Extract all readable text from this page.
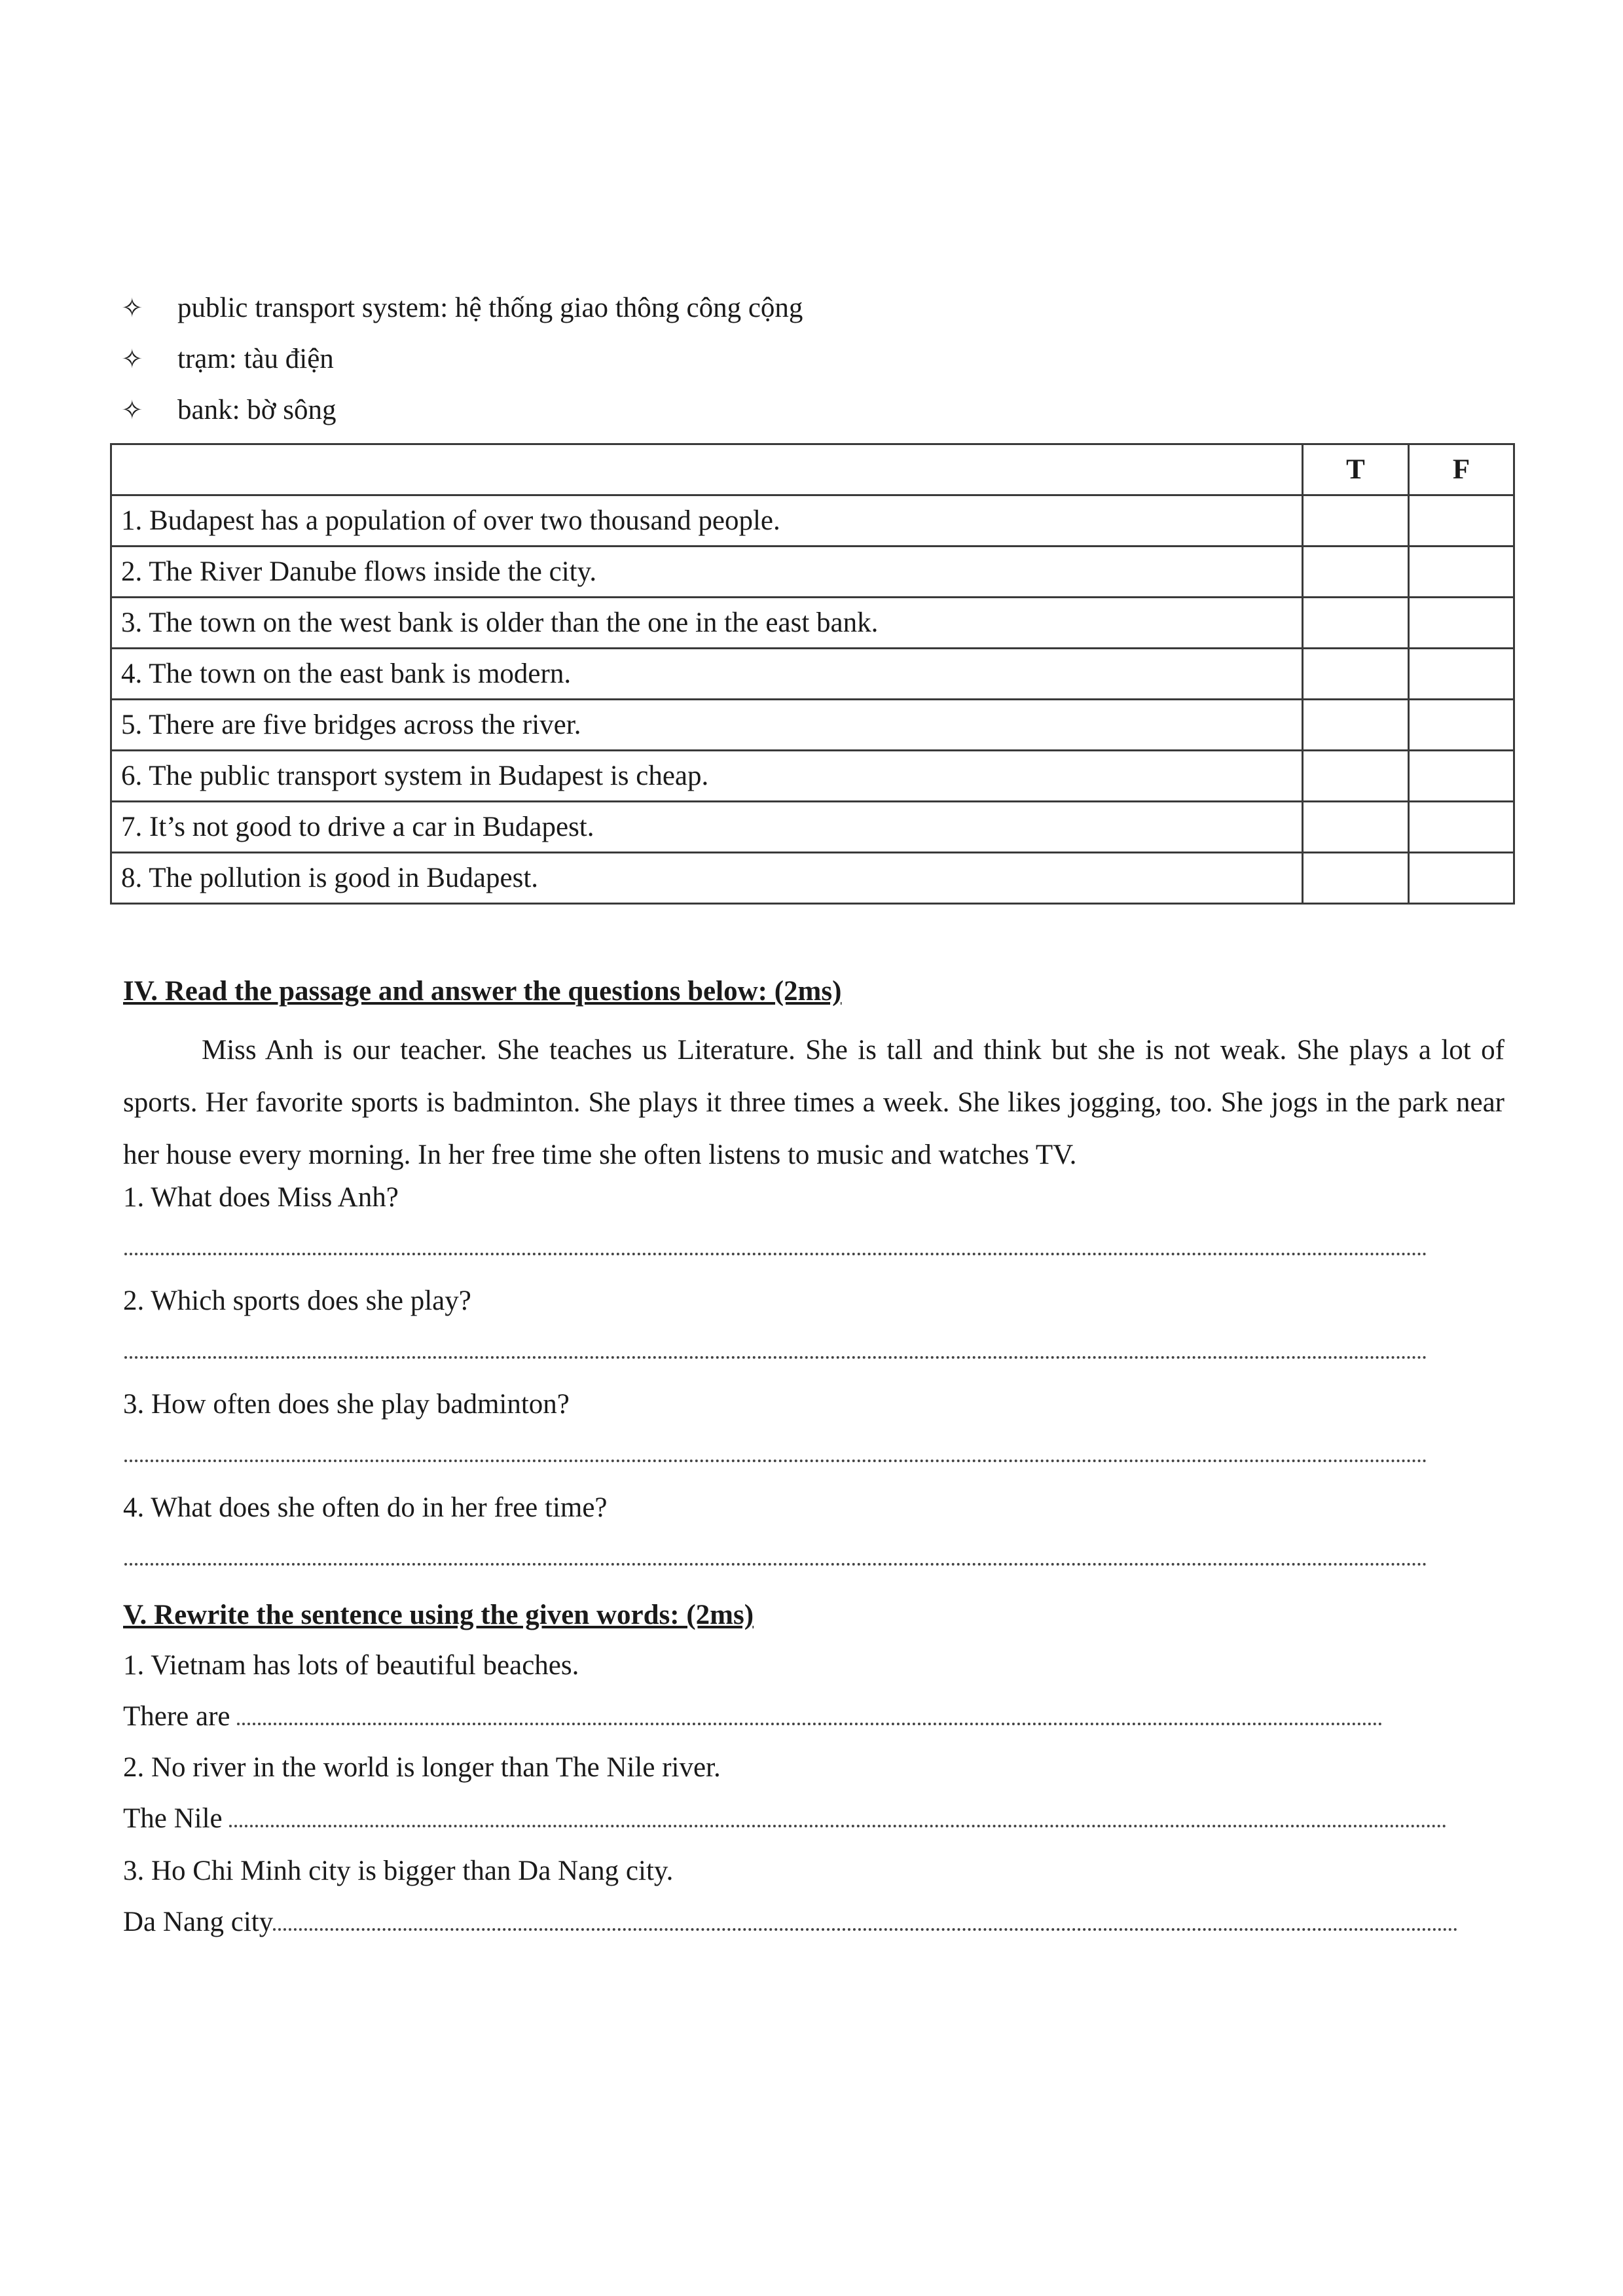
✧ public transport system: hệ thống giao thông công cộng
✧ trạm: tàu điện
✧ bank: bờ sông
	T	F
1. Budapest has a population of over two thousand people.		
2. The River Danube flows inside the city.		
3. The town on the west bank is older than the one in the east bank.		
4. The town on the east bank is modern.		
5. There are five bridges across the river.		
6. The public transport system in Budapest is cheap.		
7. It’s not good to drive a car in Budapest.		
8. The pollution is good in Budapest.		
IV. Read the passage and answer the questions below: (2ms)
Miss Anh is our teacher. She teaches us Literature. She is tall and think but she is not weak. She plays a lot of sports. Her favorite sports is badminton. She plays it three times a week. She likes jogging, too. She jogs in the park near her house every morning. In her free time she often listens to music and watches TV.
1. What does Miss Anh?
2. Which sports does she play?
3. How often does she play badminton?
4. What does she often do in her free time?
V. Rewrite the sentence using the given words: (2ms)
1. Vietnam has lots of beautiful beaches.
There are
2. No river in the world is longer than The Nile river.
The Nile
3. Ho Chi Minh city is bigger than Da Nang city.
Da Nang city
